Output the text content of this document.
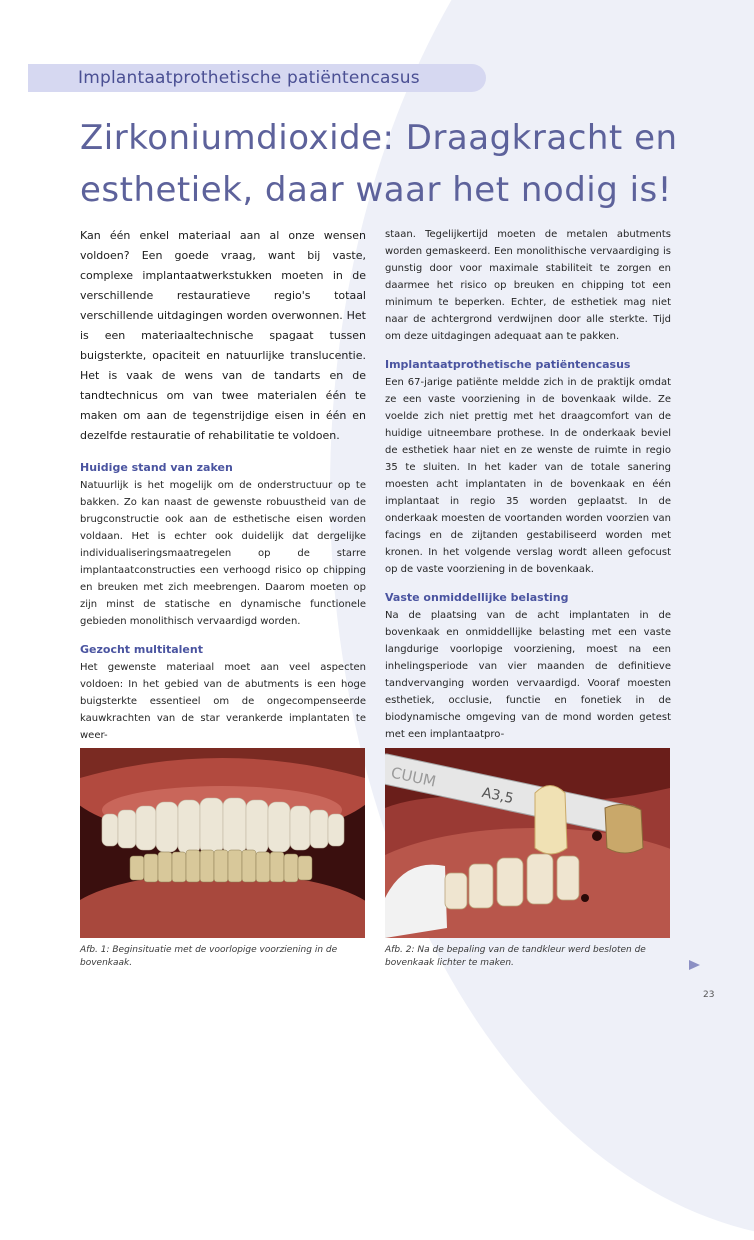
Implantaatprothetische patiëntencasus
Zirkoniumdioxide: Draagkracht en esthetiek, daar waar het nodig is!

Kan één enkel materiaal aan al onze wensen voldoen? Een goede vraag, want bij vaste, complexe implantaatwerkstukken moeten in de verschillende restauratieve regio's totaal verschillende uitdagingen worden overwonnen. Het is een materiaaltechnische spagaat tussen buigsterkte, opaciteit en natuurlijke translucentie. Het is vaak de wens van de tandarts en de tandtechnicus om van twee materialen één te maken om aan de tegenstrijdige eisen in één en dezelfde restauratie of rehabilitatie te voldoen.

Huidige stand van zaken

Natuurlijk is het mogelijk om de onderstructuur op te bakken. Zo kan naast de gewenste robuustheid van de brugconstructie ook aan de esthetische eisen worden voldaan. Het is echter ook duidelijk dat dergelijke individualiseringsmaatregelen op de starre implantaatconstructies een verhoogd risico op chipping en breuken met zich meebrengen. Daarom moeten op zijn minst de statische en dynamische functionele gebieden monolithisch vervaardigd worden.

Gezocht multitalent

Het gewenste materiaal moet aan veel aspecten voldoen: In het gebied van de abutments is een hoge buigsterkte essentieel om de ongecompenseerde kauwkrachten van de star verankerde implantaten te weer-

staan. Tegelijkertijd moeten de metalen abutments worden gemaskeerd. Een monolithische vervaardiging is gunstig door voor maximale stabiliteit te zorgen en daarmee het risico op breuken en chipping tot een minimum te beperken. Echter, de esthetiek mag niet naar de achtergrond verdwijnen door alle sterkte. Tijd om deze uitdagingen adequaat aan te pakken.

Implantaatprothetische patiëntencasus

Een 67-jarige patiënte meldde zich in de praktijk omdat ze een vaste voorziening in de bovenkaak wilde. Ze voelde zich niet prettig met het draagcomfort van de huidige uitneembare prothese. In de onderkaak beviel de esthetiek haar niet en ze wenste de ruimte in regio 35 te sluiten. In het kader van de totale sanering moesten acht implantaten in de bovenkaak en één implantaat in regio 35 worden geplaatst. In de onderkaak moesten de voortanden worden voorzien van facings en de zijtanden gestabiliseerd worden met kronen. In het volgende verslag wordt alleen gefocust op de vaste voorziening in de bovenkaak.

Vaste onmiddellijke belasting

Na de plaatsing van de acht implantaten in de bovenkaak en onmiddellijke belasting met een vaste langdurige voorlopige voorziening, moest na een inhelingsperiode van vier maanden de definitieve tandvervanging worden vervaardigd. Vooraf moesten esthetiek, occlusie, functie en fonetiek in de biodynamische omgeving van de mond worden getest met een implantaatpro-

CUUM
A3,5

Afb. 1: Beginsituatie met de voorlopige voorziening in de bovenkaak.

Afb. 2: Na de bepaling van de tandkleur werd besloten de bovenkaak lichter te maken.

23
